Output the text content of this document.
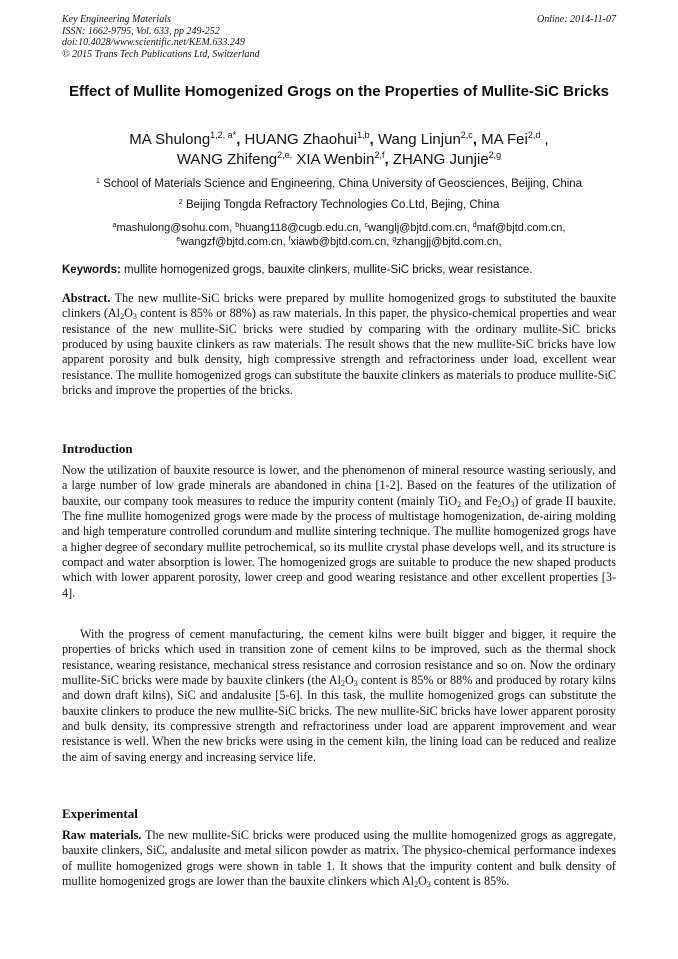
Key Engineering Materials
ISSN: 1662-9795, Vol. 633, pp 249-252
doi:10.4028/www.scientific.net/KEM.633.249
© 2015 Trans Tech Publications Ltd, Switzerland
Online: 2014-11-07
Effect of Mullite Homogenized Grogs on the Properties of Mullite-SiC Bricks
MA Shulong$^{1,2, a*}$, HUANG Zhaohui$^{1,b}$, Wang Linjun$^{2,c}$, MA Fei$^{2,d}$ ,
WANG Zhifeng$^{2,e,}$ XIA Wenbin$^{2,f}$, ZHANG Junjie$^{2,g}$
$^1$ School of Materials Science and Engineering, China University of Geosciences, Beijing, China
$^2$ Beijing Tongda Refractory Technologies Co.Ltd, Bejing, China
$^a$mashulong@sohu.com, $^b$huang118@cugb.edu.cn, $^c$wanglj@bjtd.com.cn, $^d$maf@bjtd.com.cn,
$^e$wangzf@bjtd.com.cn, $^f$xiawb@bjtd.com.cn, $^g$zhangjj@bjtd.com.cn,
Keywords: mullite homogenized grogs, bauxite clinkers, mullite-SiC bricks, wear resistance.
Abstract. The new mullite-SiC bricks were prepared by mullite homogenized grogs to substituted the bauxite clinkers ($Al_2O_3$ content is 85% or 88%) as raw materials. In this paper, the physico-chemical properties and wear resistance of the new mullite-SiC bricks were studied by comparing with the ordinary mullite-SiC bricks produced by using bauxite clinkers as raw materials. The result shows that the new mullite-SiC bricks have low apparent porosity and bulk density, high compressive strength and refractoriness under load, excellent wear resistance. The mullite homogenized grogs can substitute the bauxite clinkers as materials to produce mullite-SiC bricks and improve the properties of the bricks.
Introduction
Now the utilization of bauxite resource is lower, and the phenomenon of mineral resource wasting seriously, and a large number of low grade minerals are abandoned in china [1-2]. Based on the features of the utilization of bauxite, our company took measures to reduce the impurity content (mainly TiO$_2$ and $Fe_2O_3$) of grade II bauxite. The fine mullite homogenized grogs were made by the process of multistage homogenization, de-airing molding and high temperature controlled corundum and mullite sintering technique. The mullite homogenized grogs have a higher degree of secondary mullite petrochemical, so its mullite crystal phase develops well, and its structure is compact and water absorption is lower. The homogenized grogs are suitable to produce the new shaped products which with lower apparent porosity, lower creep and good wearing resistance and other excellent properties [3-4].
With the progress of cement manufacturing, the cement kilns were built bigger and bigger, it require the properties of bricks which used in transition zone of cement kilns to be improved, such as the thermal shock resistance, wearing resistance, mechanical stress resistance and corrosion resistance and so on. Now the ordinary mullite-SiC bricks were made by bauxite clinkers (the $Al_2O_3$ content is 85% or 88% and produced by rotary kilns and down draft kilns), SiC and andalusite [5-6]. In this task, the mullite homogenized grogs can substitute the bauxite clinkers to produce the new mullite-SiC bricks. The new mullite-SiC bricks have lower apparent porosity and bulk density, its compressive strength and refractoriness under load are apparent improvement and wear resistance is well. When the new bricks were using in the cement kiln, the lining load can be reduced and realize the aim of saving energy and increasing service life.
Experimental
Raw materials. The new mullite-SiC bricks were produced using the mullite homogenized grogs as aggregate, bauxite clinkers, SiC, andalusite and metal silicon powder as matrix. The physico-chemical performance indexes of mullite homogenized grogs were shown in table 1. It shows that the impurity content and bulk density of mullite homogenized grogs are lower than the bauxite clinkers which $Al_2O_3$ content is 85%.
